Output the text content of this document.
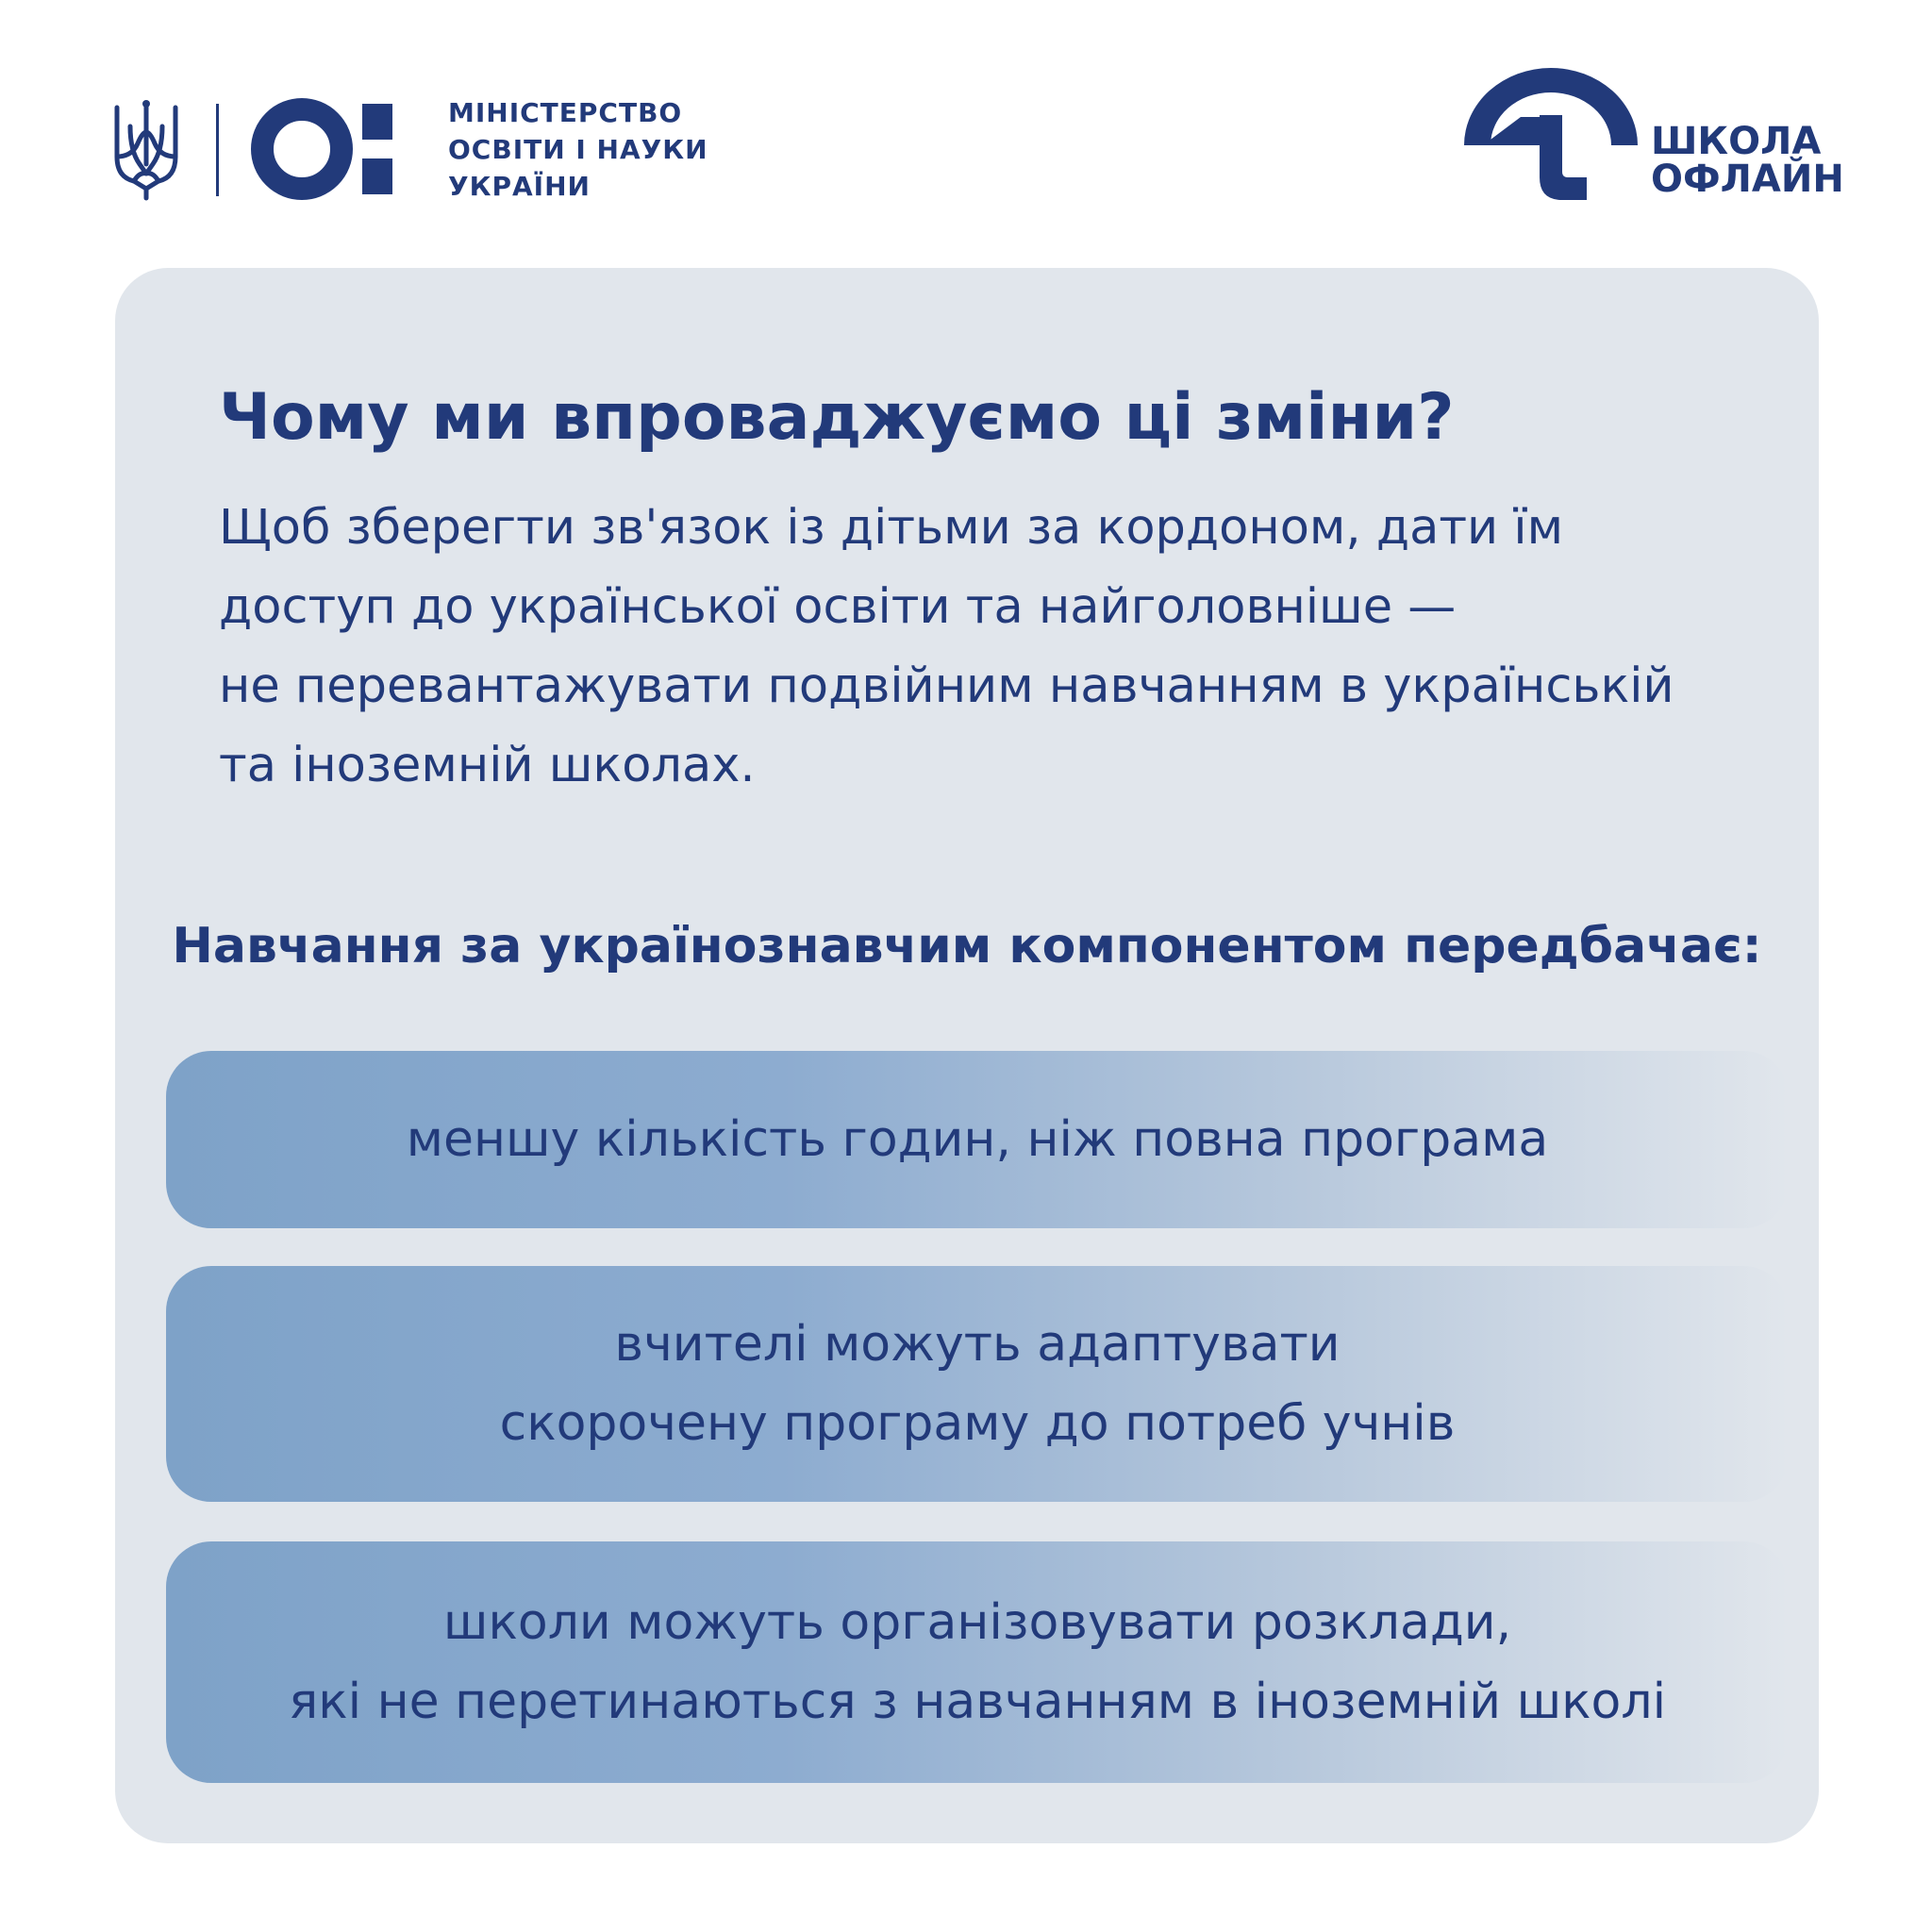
МІНІСТЕРСТВО
ОСВІТИ І НАУКИ
УКРАЇНИ
ШКОЛА
ОФЛАЙН
Чому ми впроваджуємо ці зміни?
Щоб зберегти зв'язок із дітьми за кордоном, дати їм
доступ до української освіти та найголовніше —
не перевантажувати подвійним навчанням в українській
та іноземній школах.
Навчання за українознавчим компонентом передбачає:
меншу кількість годин, ніж повна програма
вчителі можуть адаптувати
скорочену програму до потреб учнів
школи можуть організовувати розклади,
які не перетинаються з навчанням в іноземній школі
